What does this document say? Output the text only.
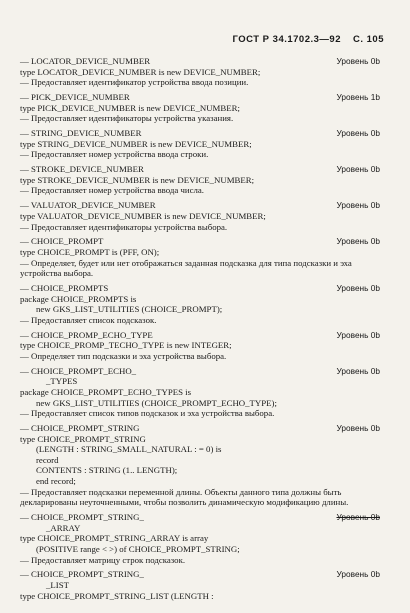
ГОСТ Р 34.1702.3—92 С. 105
— LOCATOR_DEVICE_NUMBER	Уровень 0b
type LOCATOR_DEVICE_NUMBER is new DEVICE_NUMBER;
— Предоставляет идентификатор устройства ввода позиции.
— PICK_DEVICE_NUMBER	Уровень 1b
type PICK_DEVICE_NUMBER is new DEVICE_NUMBER;
— Предоставляет идентификаторы устройства указания.
— STRING_DEVICE_NUMBER	Уровень 0b
type STRING_DEVICE_NUMBER is new DEVICE_NUMBER;
— Предоставляет номер устройства ввода строки.
— STROKE_DEVICE_NUMBER	Уровень 0b
type STROKE_DEVICE_NUMBER is new DEVICE_NUMBER;
— Предоставляет номер устройства ввода числа.
— VALUATOR_DEVICE_NUMBER	Уровень 0b
type VALUATOR_DEVICE_NUMBER is new DEVICE_NUMBER;
— Предоставляет идентификаторы устройства выбора.
— CHOICE_PROMPT	Уровень 0b
type CHOICE_PROMPT is (PFF, ON);
— Определяет, будет или нет отображаться заданная подсказка для типа подсказки и эха устройства выбора.
— CHOICE_PROMPTS	Уровень 0b
package CHOICE_PROMPTS is
new GKS_LIST_UTILITIES (CHOICE_PROMPT);
— Предоставляет список подсказок.
— CHOICE_PROMP_ECHO_TYPE	Уровень 0b
type CHOICE_PROMP_TECHO_TYPE is new INTEGER;
— Определяет тип подсказки и эха устройства выбора.
— CHOICE_PROMPT_ECHO_	Уровень 0b
_TYPES
package CHOICE_PROMPT_ECHO_TYPES is
new GKS_LIST_UTILITIES (CHOICE_PROMPT_ECHO_TYPE);
— Предоставляет список типов подсказок и эха устройства выбора.
— CHOICE_PROMPT_STRING	Уровень 0b
type CHOICE_PROMPT_STRING
(LENGTH : STRING_SMALL_NATURAL : = 0) is
record
CONTENTS : STRING (1.. LENGTH);
end record;
— Предоставляет подсказки переменной длины. Объекты данного типа должны быть декларированы неуточненными, чтобы позволить динамическую модификацию длины.
— CHOICE_PROMPT_STRING_	Уровень 0b
_ARRAY
type CHOICE_PROMPT_STRING_ARRAY is array
(POSITIVE range < >) of CHOICE_PROMPT_STRING;
— Предоставляет матрицу строк подсказок.
— CHOICE_PROMPT_STRING_	Уровень 0b
_LIST
type CHOICE_PROMPT_STRING_LIST (LENGTH :
